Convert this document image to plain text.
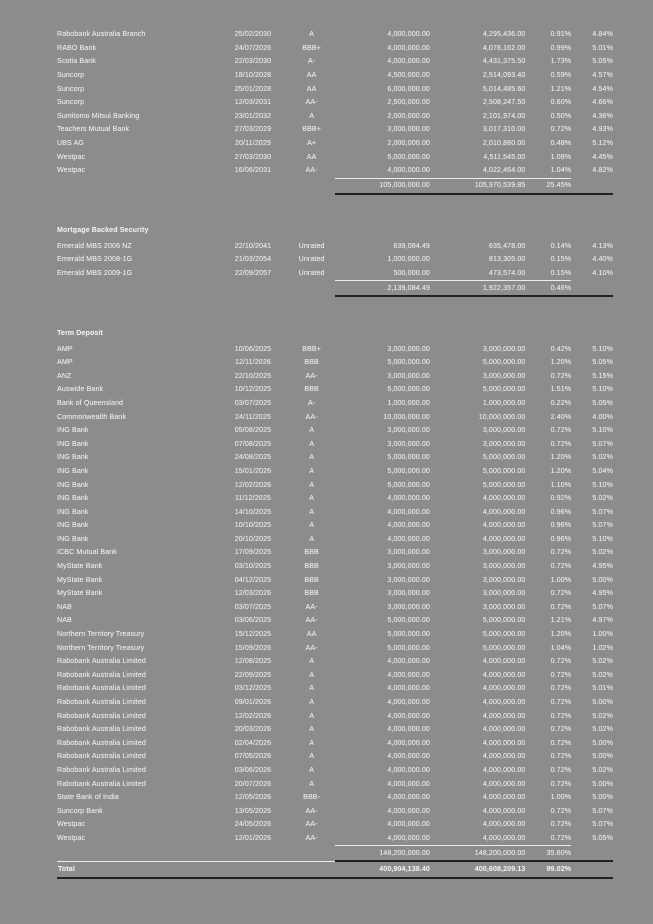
Rabobank Australia Branch	25/02/2030	A	4,000,000.00	4,295,436.00	0.91%	4.84%
RABO Bank	24/07/2026	BBB+	4,000,000.00	4,078,162.00	0.99%	5.01%
Scotia Bank	22/03/2030	A-	4,000,000.00	4,431,375.50	1.73%	5.05%
Suncorp	18/10/2028	AA	4,500,000.00	2,514,093.40	0.59%	4.57%
Suncorp	25/01/2028	AA	6,000,000.00	5,014,485.60	1.21%	4.54%
Suncorp	12/03/2031	AA-	2,500,000.00	2,508,247.50	0.60%	4.66%
Sumitomo Mitsui Banking	23/01/2032	A	2,000,000.00	2,101,974.00	0.50%	4.36%
Teachers Mutual Bank	27/03/2029	BBB+	3,000,000.00	3,017,310.00	0.72%	4.93%
UBS AG	20/11/2029	A+	2,000,000.00	2,010,880.00	0.48%	5.12%
Westpac	27/03/2030	AA	5,000,000.00	4,511,545.00	1.08%	4.45%
Westpac	16/06/2031	AA-	4,000,000.00	4,022,464.00	1.04%	4.82%
			105,000,000.00	105,970,539.85	25.45%	

Mortgage Backed Security						
Emerald MBS 2006 NZ	22/10/2041	Unrated	639,084.49	635,478.00	0.14%	4.13%
Emerald MBS 2008-1G	21/03/2054	Unrated	1,000,000.00	813,305.00	0.15%	4.40%
Emerald MBS 2009-1G	22/09/2057	Unrated	500,000.00	473,574.00	0.15%	4.10%
			2,139,084.49	1,922,357.00	0.46%	

Term Deposit						
AMP	10/06/2025	BBB+	3,000,000.00	3,000,000.00	0.42%	5.10%
AMP	12/11/2026	BBB	5,000,000.00	5,000,000.00	1.20%	5.05%
ANZ	22/10/2025	AA-	3,000,000.00	3,000,000.00	0.72%	5.15%
Auswide Bank	10/12/2025	BBB	5,000,000.00	5,000,000.00	1.51%	5.10%
Bank of Queensland	03/07/2025	A-	1,000,000.00	1,000,000.00	0.22%	5.05%
Commonwealth Bank	24/11/2025	AA-	10,000,000.00	10,000,000.00	2.40%	4.00%
ING Bank	05/08/2025	A	3,000,000.00	3,000,000.00	0.72%	5.10%
ING Bank	07/08/2025	A	3,000,000.00	3,000,000.00	0.72%	5.07%
ING Bank	24/08/2025	A	5,000,000.00	5,000,000.00	1.20%	5.02%
ING Bank	15/01/2026	A	5,000,000.00	5,000,000.00	1.20%	5.04%
ING Bank	12/02/2026	A	5,000,000.00	5,000,000.00	1.10%	5.10%
ING Bank	11/12/2025	A	4,000,000.00	4,000,000.00	0.92%	5.02%
ING Bank	14/10/2025	A	4,000,000.00	4,000,000.00	0.96%	5.07%
ING Bank	10/10/2025	A	4,000,000.00	4,000,000.00	0.96%	5.07%
ING Bank	20/10/2025	A	4,000,000.00	4,000,000.00	0.96%	5.10%
ICBC Mutual Bank	17/09/2025	BBB	3,000,000.00	3,000,000.00	0.72%	5.02%
MyState Bank	03/10/2025	BBB	3,000,000.00	3,000,000.00	0.72%	4.95%
MyState Bank	04/12/2025	BBB	3,000,000.00	3,000,000.00	1.00%	5.00%
MyState Bank	12/03/2026	BBB	3,000,000.00	3,000,000.00	0.72%	4.95%
NAB	03/07/2025	AA-	3,000,000.00	3,000,000.00	0.72%	5.07%
NAB	03/06/2025	AA-	5,000,000.00	5,000,000.00	1.21%	4.97%
Northern Territory Treasury	15/12/2025	AA	5,000,000.00	5,000,000.00	1.20%	1.00%
Northern Territory Treasury	15/09/2026	AA-	5,000,000.00	5,000,000.00	1.04%	1.02%
Rabobank Australia Limited	12/08/2025	A	4,000,000.00	4,000,000.00	0.72%	5.02%
Rabobank Australia Limited	22/09/2025	A	4,000,000.00	4,000,000.00	0.72%	5.02%
Rabobank Australia Limited	03/12/2025	A	4,000,000.00	4,000,000.00	0.72%	5.01%
Rabobank Australia Limited	09/01/2026	A	4,000,000.00	4,000,000.00	0.72%	5.00%
Rabobank Australia Limited	12/02/2026	A	4,000,000.00	4,000,000.00	0.72%	5.02%
Rabobank Australia Limited	20/03/2026	A	4,000,000.00	4,000,000.00	0.72%	5.02%
Rabobank Australia Limited	02/04/2026	A	4,000,000.00	4,000,000.00	0.72%	5.00%
Rabobank Australia Limited	07/05/2026	A	4,000,000.00	4,000,000.00	0.72%	5.00%
Rabobank Australia Limited	03/06/2026	A	4,000,000.00	4,000,000.00	0.72%	5.02%
Rabobank Australia Limited	20/07/2026	A	4,000,000.00	4,000,000.00	0.72%	5.00%
State Bank of India	12/05/2026	BBB-	4,000,000.00	4,000,000.00	1.00%	5.00%
Suncorp Bank	13/05/2026	AA-	4,000,000.00	4,000,000.00	0.72%	5.07%
Westpac	24/05/2026	AA-	4,000,000.00	4,000,000.00	0.72%	5.07%
Westpac	12/01/2026	AA-	4,000,000.00	4,000,000.00	0.72%	5.05%
			148,200,000.00	148,200,000.00	35.60%	
Total			400,904,138.40	400,608,209.13	99.02%	
